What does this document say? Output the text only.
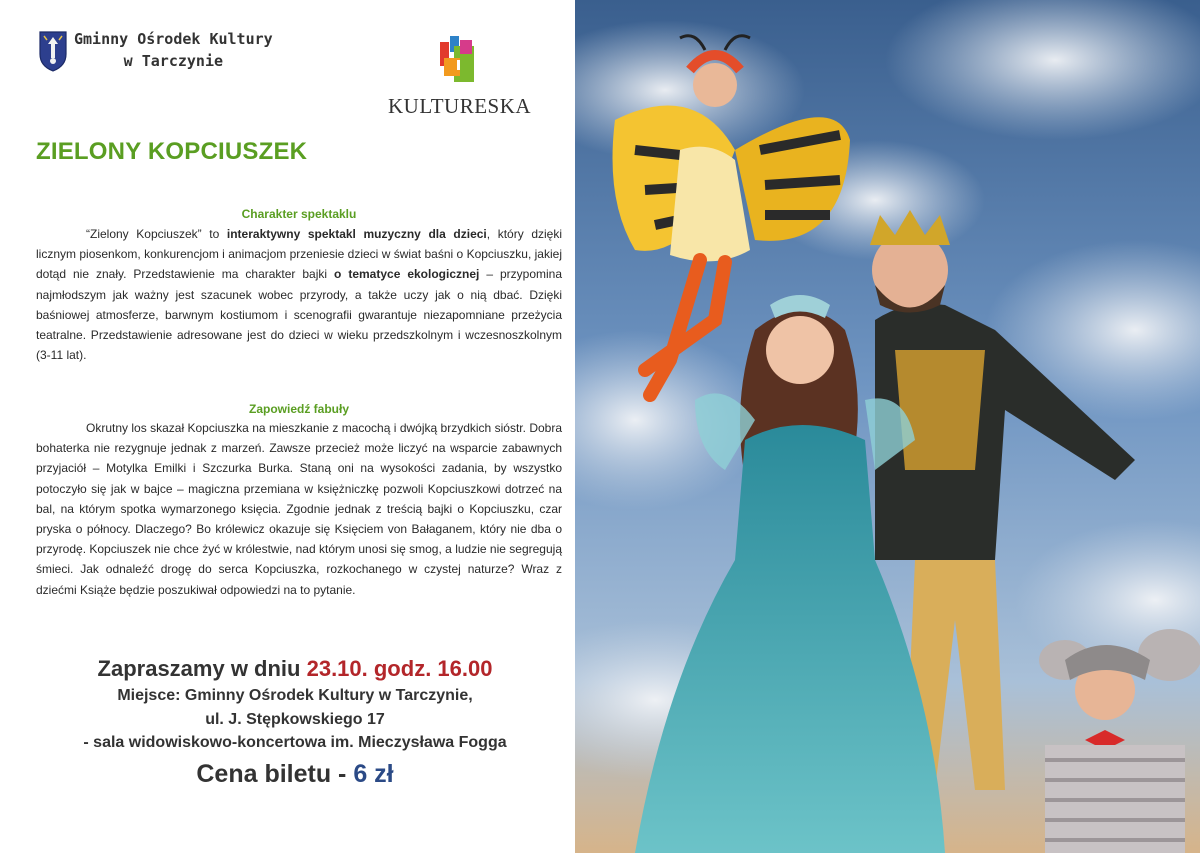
Gminny Ośrodek Kultury
w Tarczynie
KULTURESKA
ZIELONY KOPCIUSZEK
Charakter spektaklu
“Zielony Kopciuszek” to interaktywny spektakl muzyczny dla dzieci, który dzięki licznym piosenkom, konkurencjom i animacjom przeniesie dzieci w świat baśni o Kopciuszku, jakiej dotąd nie znały. Przedstawienie ma charakter bajki o tematyce ekologicznej – przypomina najmłodszym jak ważny jest szacunek wobec przyrody, a także uczy jak o nią dbać. Dzięki baśniowej atmosferze, barwnym kostiumom i scenografii gwarantuje niezapomniane przeżycia teatralne. Przedstawienie adresowane jest do dzieci w wieku przedszkolnym i wczesnoszkolnym (3-11 lat).
Zapowiedź fabuły
Okrutny los skazał Kopciuszka na mieszkanie z macochą i dwójką brzydkich sióstr. Dobra bohaterka nie rezygnuje jednak z marzeń. Zawsze przecież może liczyć na wsparcie zabawnych przyjaciół – Motylka Emilki i Szczurka Burka. Staną oni na wysokości zadania, by wszystko potoczyło się jak w bajce – magiczna przemiana w księżniczkę pozwoli Kopciuszkowi dotrzeć na bal, na którym spotka wymarzonego księcia. Zgodnie jednak z treścią bajki o Kopciuszku, czar pryska o północy. Dlaczego? Bo królewicz okazuje się Księciem von Bałaganem, który nie dba o przyrodę. Kopciuszek nie chce żyć w królestwie, nad którym unosi się smog, a ludzie nie segregują śmieci. Jak odnaleźć drogę do serca Kopciuszka, rozkochanego w czystej naturze? Wraz z dziećmi Książe będzie poszukiwał odpowiedzi na to pytanie.
Zapraszamy w dniu 23.10. godz. 16.00
Miejsce: Gminny Ośrodek Kultury w Tarczynie,
ul. J. Stępkowskiego 17
- sala widowiskowo-koncertowa im. Mieczysława Fogga
Cena biletu - 6 zł
